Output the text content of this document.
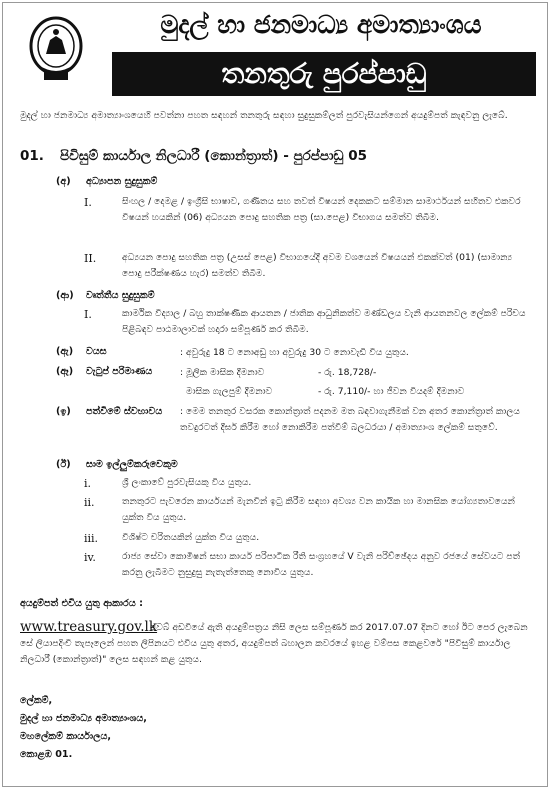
මුදල් හා ජනමාධ්‍ය අමාත්‍යාංශය
තනතුරු පුරප්පාඩු
මුදල් හා ජනමාධ්‍ය අමාත්‍යාංශයෙහි පවත්නා පහත සඳහන් තනතුරු සඳහා සුදුසුකම්ලත් පුරවැසියන්ගෙන් අයදුම්පත් කැඳවනු ලැබේ.
01. පිවිසුම් කාර්යාල නිලධාරී (කොන්ත්‍රාත්) - පුරප්පාඩු 05
(අ) අධ්‍යාපන සුදුසුකම්
I.	සිංහල / දෙමළ / ඉංග්‍රීසි භාෂාව, ගණිතය සහ තවත් විෂයන් දෙකකට සම්මාන සාමාර්ථයන් සහිතව එකවර විෂයන් හයකින් (06) අධ්‍යයන පොදු සහතික පත්‍ර (සා.පෙළ) විභාගය සමත්ව තිබීම.
II.	අධ්‍යයන පොදු සහතික පත්‍ර (උසස් පෙළ) විභාගයේදී අවම වශයෙන් විෂයයන් එකක්වත් (01) (සාමාන්‍ය පොදු පරීක්ෂණය හැර) සමත්ව තිබීම.
(ආ) වෘත්තීය සුදුසුකම්
I.	කාර්මික විද්‍යාල / බහු තාක්ෂණික ආයතන / ජාතික ආධුනිකත්ව මණ්ඩලය වැනි ආයතනවල ලේකම් පරිචය පිළිබඳව පාඨමාලාවක් හදාරා සම්පූර්ණ කර තිබීම.
(ඇ) වයස	: අවුරුදු 18 ට නොඅඩු හා අවුරුදු 30 ට නොවැඩි විය යුතුය.
(ඈ) වැටුප් පරිමාණය	: මූලික මාසික දීමනාව	- රු. 18,728/-
මාසික ගැලපුම් දීමනාව	- රු. 7,110/- හා ජීවන වියදම් දීමනාව
(ඉ) පත්වීමේ ස්වභාවය : මෙම තනතුර වසරක කොන්ත්‍රාත් පදනම මත බඳවාගැනීමක් වන අතර කොන්ත්‍රාත් කාලය තවදුරටත් දීර්ඝ කිරීම හෝ නොකිරීම පත්වීම් බලධරයා / අමාත්‍යාංශ ලේකම් සතුවේ.
(ඊ) සාම ඉල්ලුම්කරුවෙකුම
i.	ශ්‍රී ලංකාවේ පුරවැසියකු විය යුතුය.
ii.	තනතුරට පැවරෙන කාර්යයන් මැනවින් ඉටු කිරීම සඳහා අවශ්‍ය වන කායික හා මානසික යෝග්‍යතාවයෙන් යුක්ත විය යුතුය.
iii.	විශිෂ්ට චරිතයකින් යුක්ත විය යුතුය.
iv.	රාජ්‍ය සේවා කොමිෂන් සභා කාර්ය පරිපාටික රීති සංග්‍රහයේ V වැනි පරිච්ඡේදය අනුව රජයේ සේවයට පත් කරනු ලැබීමට නුසුදුසු නැතැත්තෙකු නොවිය යුතුය.
අයදුම්පත් එවිය යුතු ආකාරය :
වෙබ් අඩවියේ ඇති අයදුම්පත්‍රය නිසි ලෙස සම්පූර්ණ කර 2017.07.07 දිනට හෝ ඊට පෙර ලැබෙන සේ ලියාපදිංචි තැපෑලෙන් පහත ලිපිනයට එවිය යුතු අතර, අයදුම්පත් බහාලන කවරයේ ඉහළ වම්පස කෙළවරේ "පිවිසුම් කාර්යාල නිලධාරී (කොන්ත්‍රාත්)" ලෙස සඳහන් කළ යුතුය.
www.treasury.gov.lk
ලේකම්,
මුදල් හා ජනමාධ්‍ය අමාත්‍යාංශය,
මහලේකම් කාර්යාලය,
කොළඹ 01.
